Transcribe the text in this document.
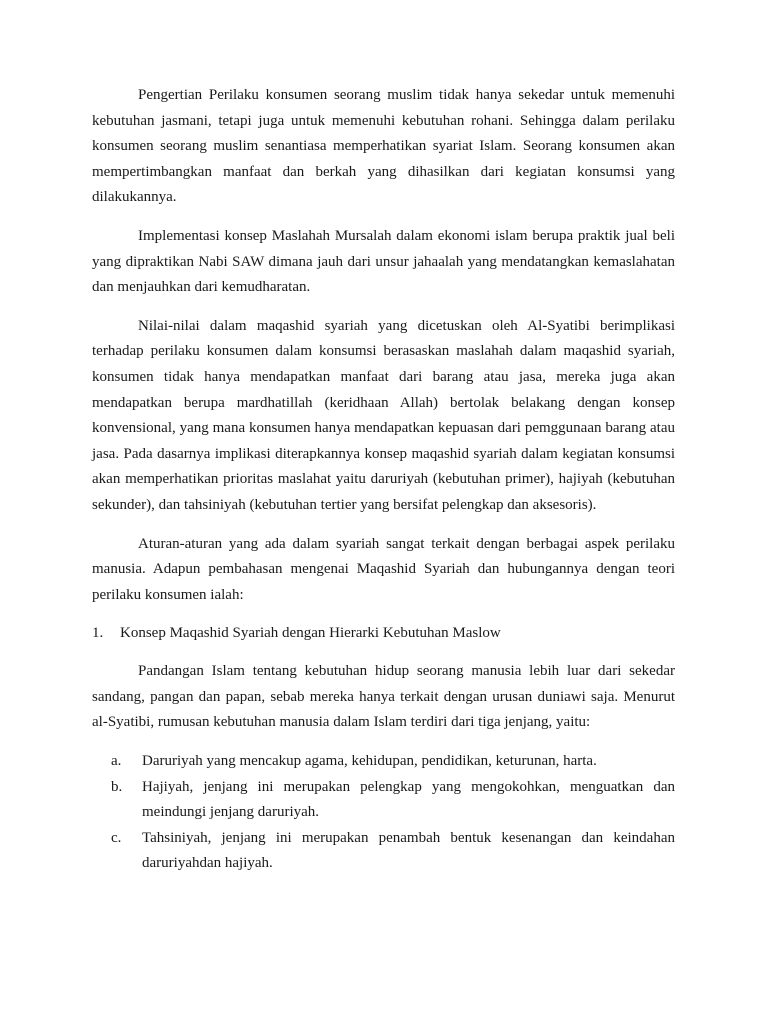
Pengertian Perilaku konsumen seorang muslim tidak hanya sekedar untuk memenuhi kebutuhan jasmani, tetapi juga untuk memenuhi kebutuhan rohani. Sehingga dalam perilaku konsumen seorang muslim senantiasa memperhatikan syariat Islam. Seorang konsumen akan mempertimbangkan manfaat dan berkah yang dihasilkan dari kegiatan konsumsi yang dilakukannya.

Implementasi konsep Maslahah Mursalah dalam ekonomi islam berupa praktik jual beli yang dipraktikan Nabi SAW dimana jauh dari unsur jahaalah yang mendatangkan kemaslahatan dan menjauhkan dari kemudharatan.

Nilai-nilai dalam maqashid syariah yang dicetuskan oleh Al-Syatibi berimplikasi terhadap perilaku konsumen dalam konsumsi berasaskan maslahah dalam maqashid syariah, konsumen tidak hanya mendapatkan manfaat dari barang atau jasa, mereka juga akan mendapatkan berupa mardhatillah (keridhaan Allah) bertolak belakang dengan konsep konvensional, yang mana konsumen hanya mendapatkan kepuasan dari pemggunaan barang atau jasa. Pada dasarnya implikasi diterapkannya konsep maqashid syariah dalam kegiatan konsumsi akan memperhatikan prioritas maslahat yaitu daruriyah (kebutuhan primer), hajiyah (kebutuhan sekunder), dan tahsiniyah (kebutuhan tertier yang bersifat pelengkap dan aksesoris).

Aturan-aturan yang ada dalam syariah sangat terkait dengan berbagai aspek perilaku manusia. Adapun pembahasan mengenai Maqashid Syariah dan hubungannya dengan teori perilaku konsumen ialah:

1.	Konsep Maqashid Syariah dengan Hierarki Kebutuhan Maslow

Pandangan Islam tentang kebutuhan hidup seorang manusia lebih luar dari sekedar sandang, pangan dan papan, sebab mereka hanya terkait dengan urusan duniawi saja. Menurut al-Syatibi, rumusan kebutuhan manusia dalam Islam terdiri dari tiga jenjang, yaitu:

a.	Daruriyah yang mencakup agama, kehidupan, pendidikan, keturunan, harta.
b.	Hajiyah, jenjang ini merupakan pelengkap yang mengokohkan, menguatkan dan meindungi jenjang daruriyah.
c.	Tahsiniyah, jenjang ini merupakan penambah bentuk kesenangan dan keindahan daruriyahdan hajiyah.
